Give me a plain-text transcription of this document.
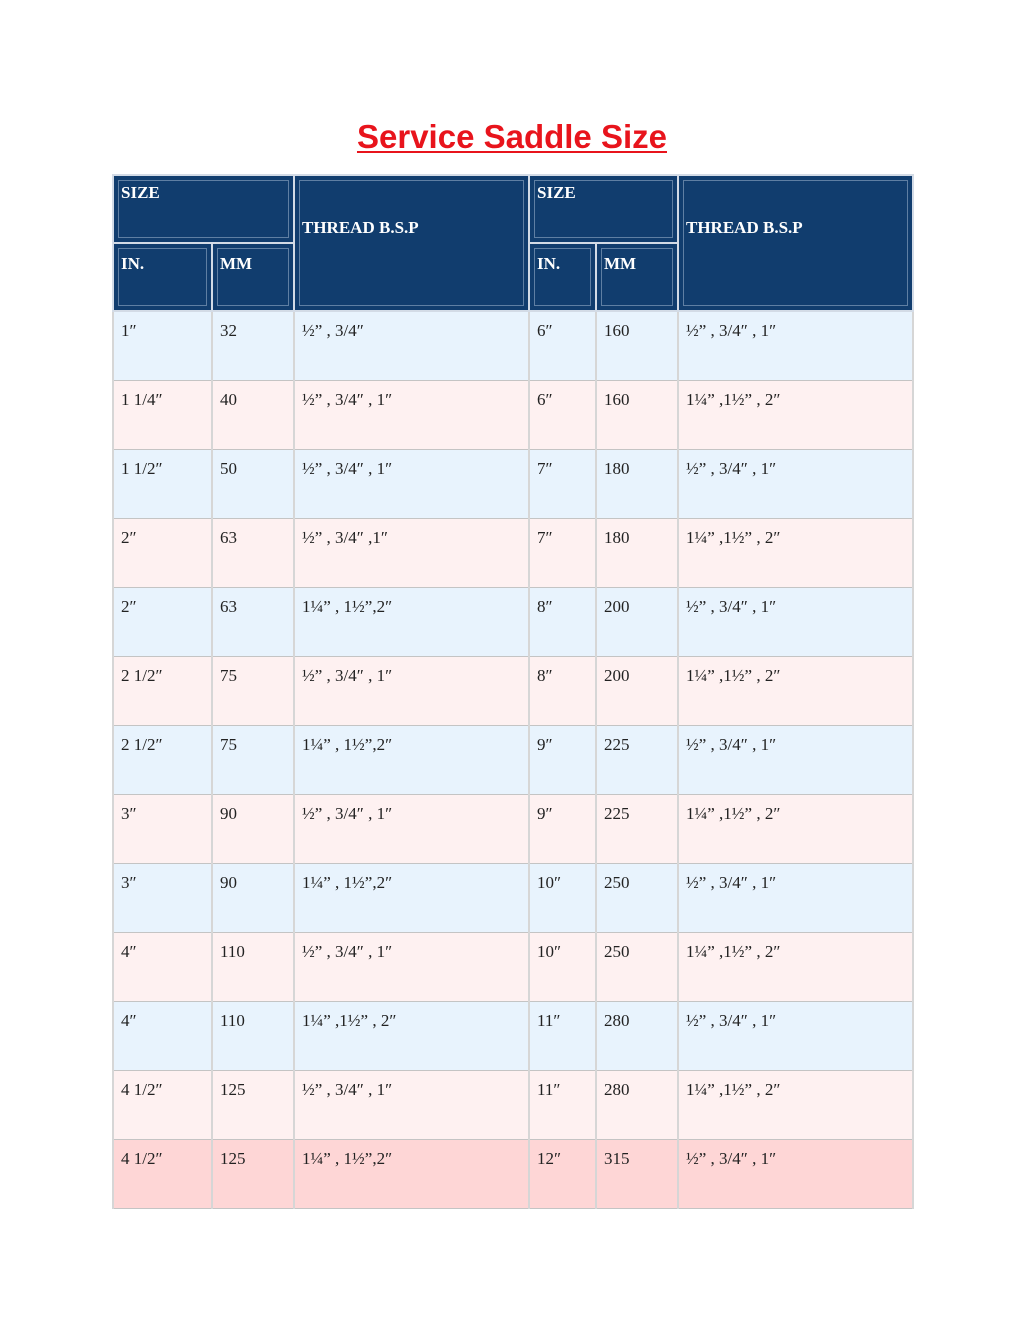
Service Saddle Size
SIZE		THREAD B.S.P	SIZE		THREAD B.S.P

IN.	MM		IN.	MM	

1″	32	½” , 3/4″	6″	160	½” , 3/4″ , 1″
1 1/4″	40	½” , 3/4″ , 1″	6″	160	1¼” ,1½” , 2″
1 1/2″	50	½” , 3/4″ , 1″	7″	180	½” , 3/4″ , 1″
2″	63	½” , 3/4″ ,1″	7″	180	1¼” ,1½” , 2″
2″	63	1¼” , 1½”,2″	8″	200	½” , 3/4″ , 1″
2 1/2″	75	½” , 3/4″ , 1″	8″	200	1¼” ,1½” , 2″
2 1/2″	75	1¼” , 1½”,2″	9″	225	½” , 3/4″ , 1″
3″	90	½” , 3/4″ , 1″	9″	225	1¼” ,1½” , 2″
3″	90	1¼” , 1½”,2″	10″	250	½” , 3/4″ , 1″
4″	110	½” , 3/4″ , 1″	10″	250	1¼” ,1½” , 2″
4″	110	1¼” ,1½” , 2″	11″	280	½” , 3/4″ , 1″
4 1/2″	125	½” , 3/4″ , 1″	11″	280	1¼” ,1½” , 2″
4 1/2″	125	1¼” , 1½”,2″	12″	315	½” , 3/4″ , 1″
